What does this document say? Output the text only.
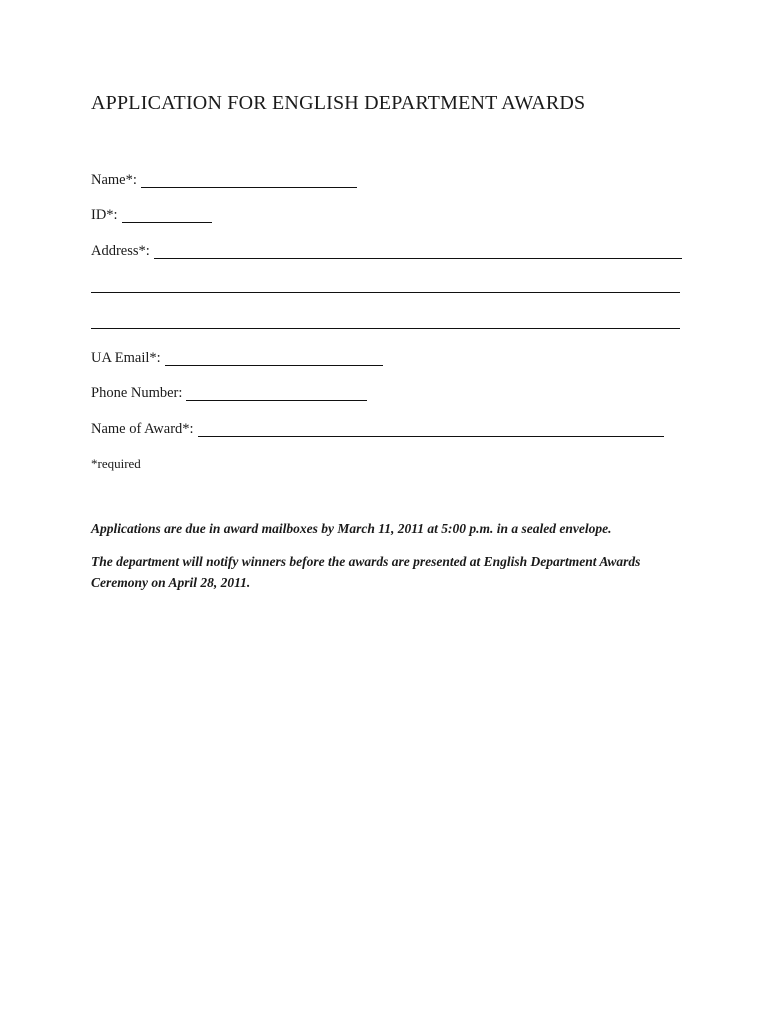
APPLICATION FOR ENGLISH DEPARTMENT AWARDS
Name*:
ID*:
Address*:
UA Email*:
Phone Number:
Name of Award*:
*required
Applications are due in award mailboxes by March 11, 2011 at 5:00 p.m. in a sealed envelope.
The department will notify winners before the awards are presented at English Department Awards Ceremony on April 28, 2011.
